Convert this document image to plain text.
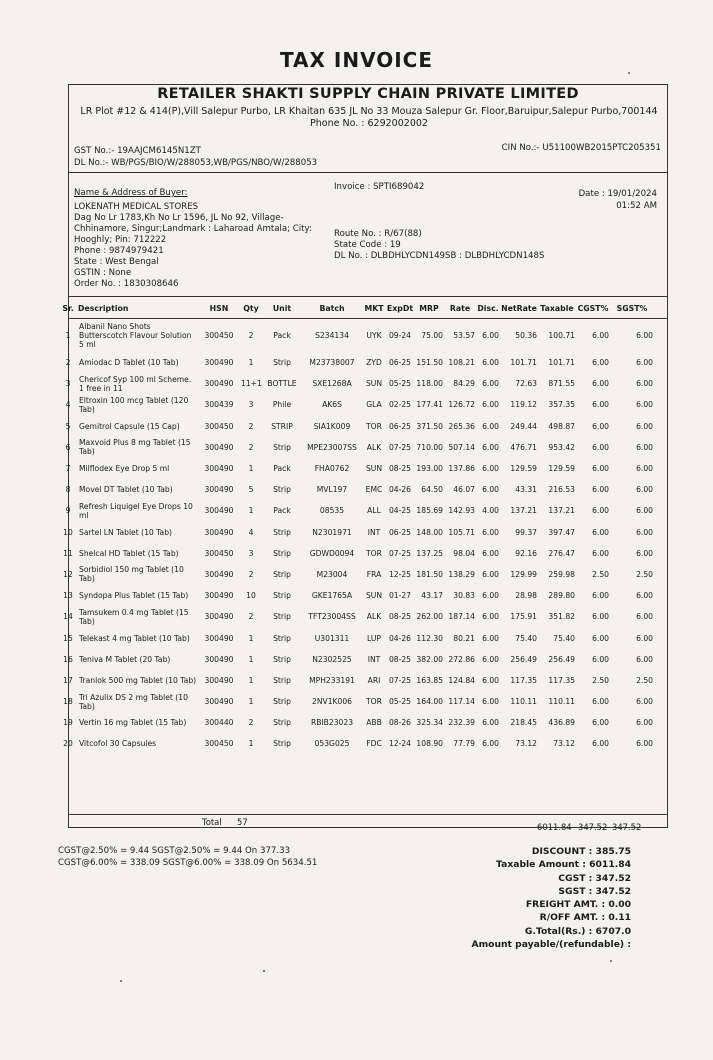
TAX INVOICE
RETAILER SHAKTI SUPPLY CHAIN PRIVATE LIMITED
LR Plot #12 & 414(P),Vill Salepur Purbo, LR Khaitan 635 JL No 33 Mouza Salepur Gr. Floor,Baruipur,Salepur Purbo,700144
Phone No. : 6292002002
GST No.:- 19AAJCM6145N1ZT
DL No.:- WB/PGS/BIO/W/288053,WB/PGS/NBO/W/288053
CIN No.:- U51100WB2015PTC205351
Name & Address of Buyer:
LOKENATH MEDICAL STORES
Dag No Lr 1783,Kh No Lr 1596, JL No 92, Village-
Chhinamore, Singur;Landmark : Laharoad Amtala; City:
Hooghly; Pin: 712222
Phone : 9874979421
State : West Bengal
GSTIN : None
Order No. : 1830308646
Invoice : SPTI689042
Date : 19/01/2024
01:52 AM
Route No. : R/67(88)
State Code : 19
DL No. : DLBDHLYCDN149SB : DLBDHLYCDN148S
Sr.	Description	HSN	Qty	Unit	Batch	MKT	ExpDt	MRP	Rate	Disc.	NetRate	Taxable	CGST%	SGST%
1	Albanil Nano Shots Butterscotch Flavour Solution 5 ml	300450	2	Pack	S234134	UYK	09-24	75.00	53.57	6.00	50.36	100.71	6.00	6.00
2	Amiodac D Tablet (10 Tab)	300490	1	Strip	M23738007	ZYD	06-25	151.50	108.21	6.00	101.71	101.71	6.00	6.00
3	Chericof Syp 100 ml Scheme. 1 free in 11	300490	11+1	BOTTLE	SXE1268A	SUN	05-25	118.00	84.29	6.00	72.63	871.55	6.00	6.00
4	Eltroxin 100 mcg Tablet (120 Tab)	300439	3	Phile	AK6S	GLA	02-25	177.41	126.72	6.00	119.12	357.35	6.00	6.00
5	Gemitrol Capsule (15 Cap)	300450	2	STRIP	SIA1K009	TOR	06-25	371.50	265.36	6.00	249.44	498.87	6.00	6.00
6	Maxvoid Plus 8 mg Tablet (15 Tab)	300490	2	Strip	MPE23007SS	ALK	07-25	710.00	507.14	6.00	476.71	953.42	6.00	6.00
7	Milflodex Eye Drop 5 ml	300490	1	Pack	FHA0762	SUN	08-25	193.00	137.86	6.00	129.59	129.59	6.00	6.00
8	Movel DT Tablet (10 Tab)	300490	5	Strip	MVL197	EMC	04-26	64.50	46.07	6.00	43.31	216.53	6.00	6.00
9	Refresh Liquigel Eye Drops 10 ml	300490	1	Pack	08535	ALL	04-25	185.69	142.93	4.00	137.21	137.21	6.00	6.00
10	Sartel LN Tablet (10 Tab)	300490	4	Strip	N2301971	INT	06-25	148.00	105.71	6.00	99.37	397.47	6.00	6.00
11	Shelcal HD Tablet (15 Tab)	300450	3	Strip	GDWD0094	TOR	07-25	137.25	98.04	6.00	92.16	276.47	6.00	6.00
12	Sorbidiol 150 mg Tablet (10 Tab)	300490	2	Strip	M23004	FRA	12-25	181.50	138.29	6.00	129.99	259.98	2.50	2.50
13	Syndopa Plus Tablet (15 Tab)	300490	10	Strip	GKE1765A	SUN	01-27	43.17	30.83	6.00	28.98	289.80	6.00	6.00
14	Tamsukem 0.4 mg Tablet (15 Tab)	300490	2	Strip	TFT23004SS	ALK	08-25	262.00	187.14	6.00	175.91	351.82	6.00	6.00
15	Telekast 4 mg Tablet (10 Tab)	300490	1	Strip	U301311	LUP	04-26	112.30	80.21	6.00	75.40	75.40	6.00	6.00
16	Teniva M Tablet (20 Tab)	300490	1	Strip	N2302525	INT	08-25	382.00	272.86	6.00	256.49	256.49	6.00	6.00
17	Tranlok 500 mg Tablet (10 Tab)	300490	1	Strip	MPH233191	ARI	07-25	163.85	124.84	6.00	117.35	117.35	2.50	2.50
18	Tri Azulix DS 2 mg Tablet (10 Tab)	300490	1	Strip	2NV1K006	TOR	05-25	164.00	117.14	6.00	110.11	110.11	6.00	6.00
19	Vertin 16 mg Tablet (15 Tab)	300440	2	Strip	RBIB23023	ABB	08-26	325.34	232.39	6.00	218.45	436.89	6.00	6.00
20	Vitcofol 30 Capsules	300450	1	Strip	053G025	FDC	12-24	108.90	77.79	6.00	73.12	73.12	6.00	6.00
Total 57	6011.84 347.52 347.52
CGST@2.50% = 9.44 SGST@2.50% = 9.44 On 377.33
CGST@6.00% = 338.09 SGST@6.00% = 338.09 On 5634.51
DISCOUNT : 385.75
Taxable Amount : 6011.84
CGST : 347.52
SGST : 347.52
FREIGHT AMT. : 0.00
R/OFF AMT. : 0.11
G.Total(Rs.) : 6707.0
Amount payable/(refundable) :
